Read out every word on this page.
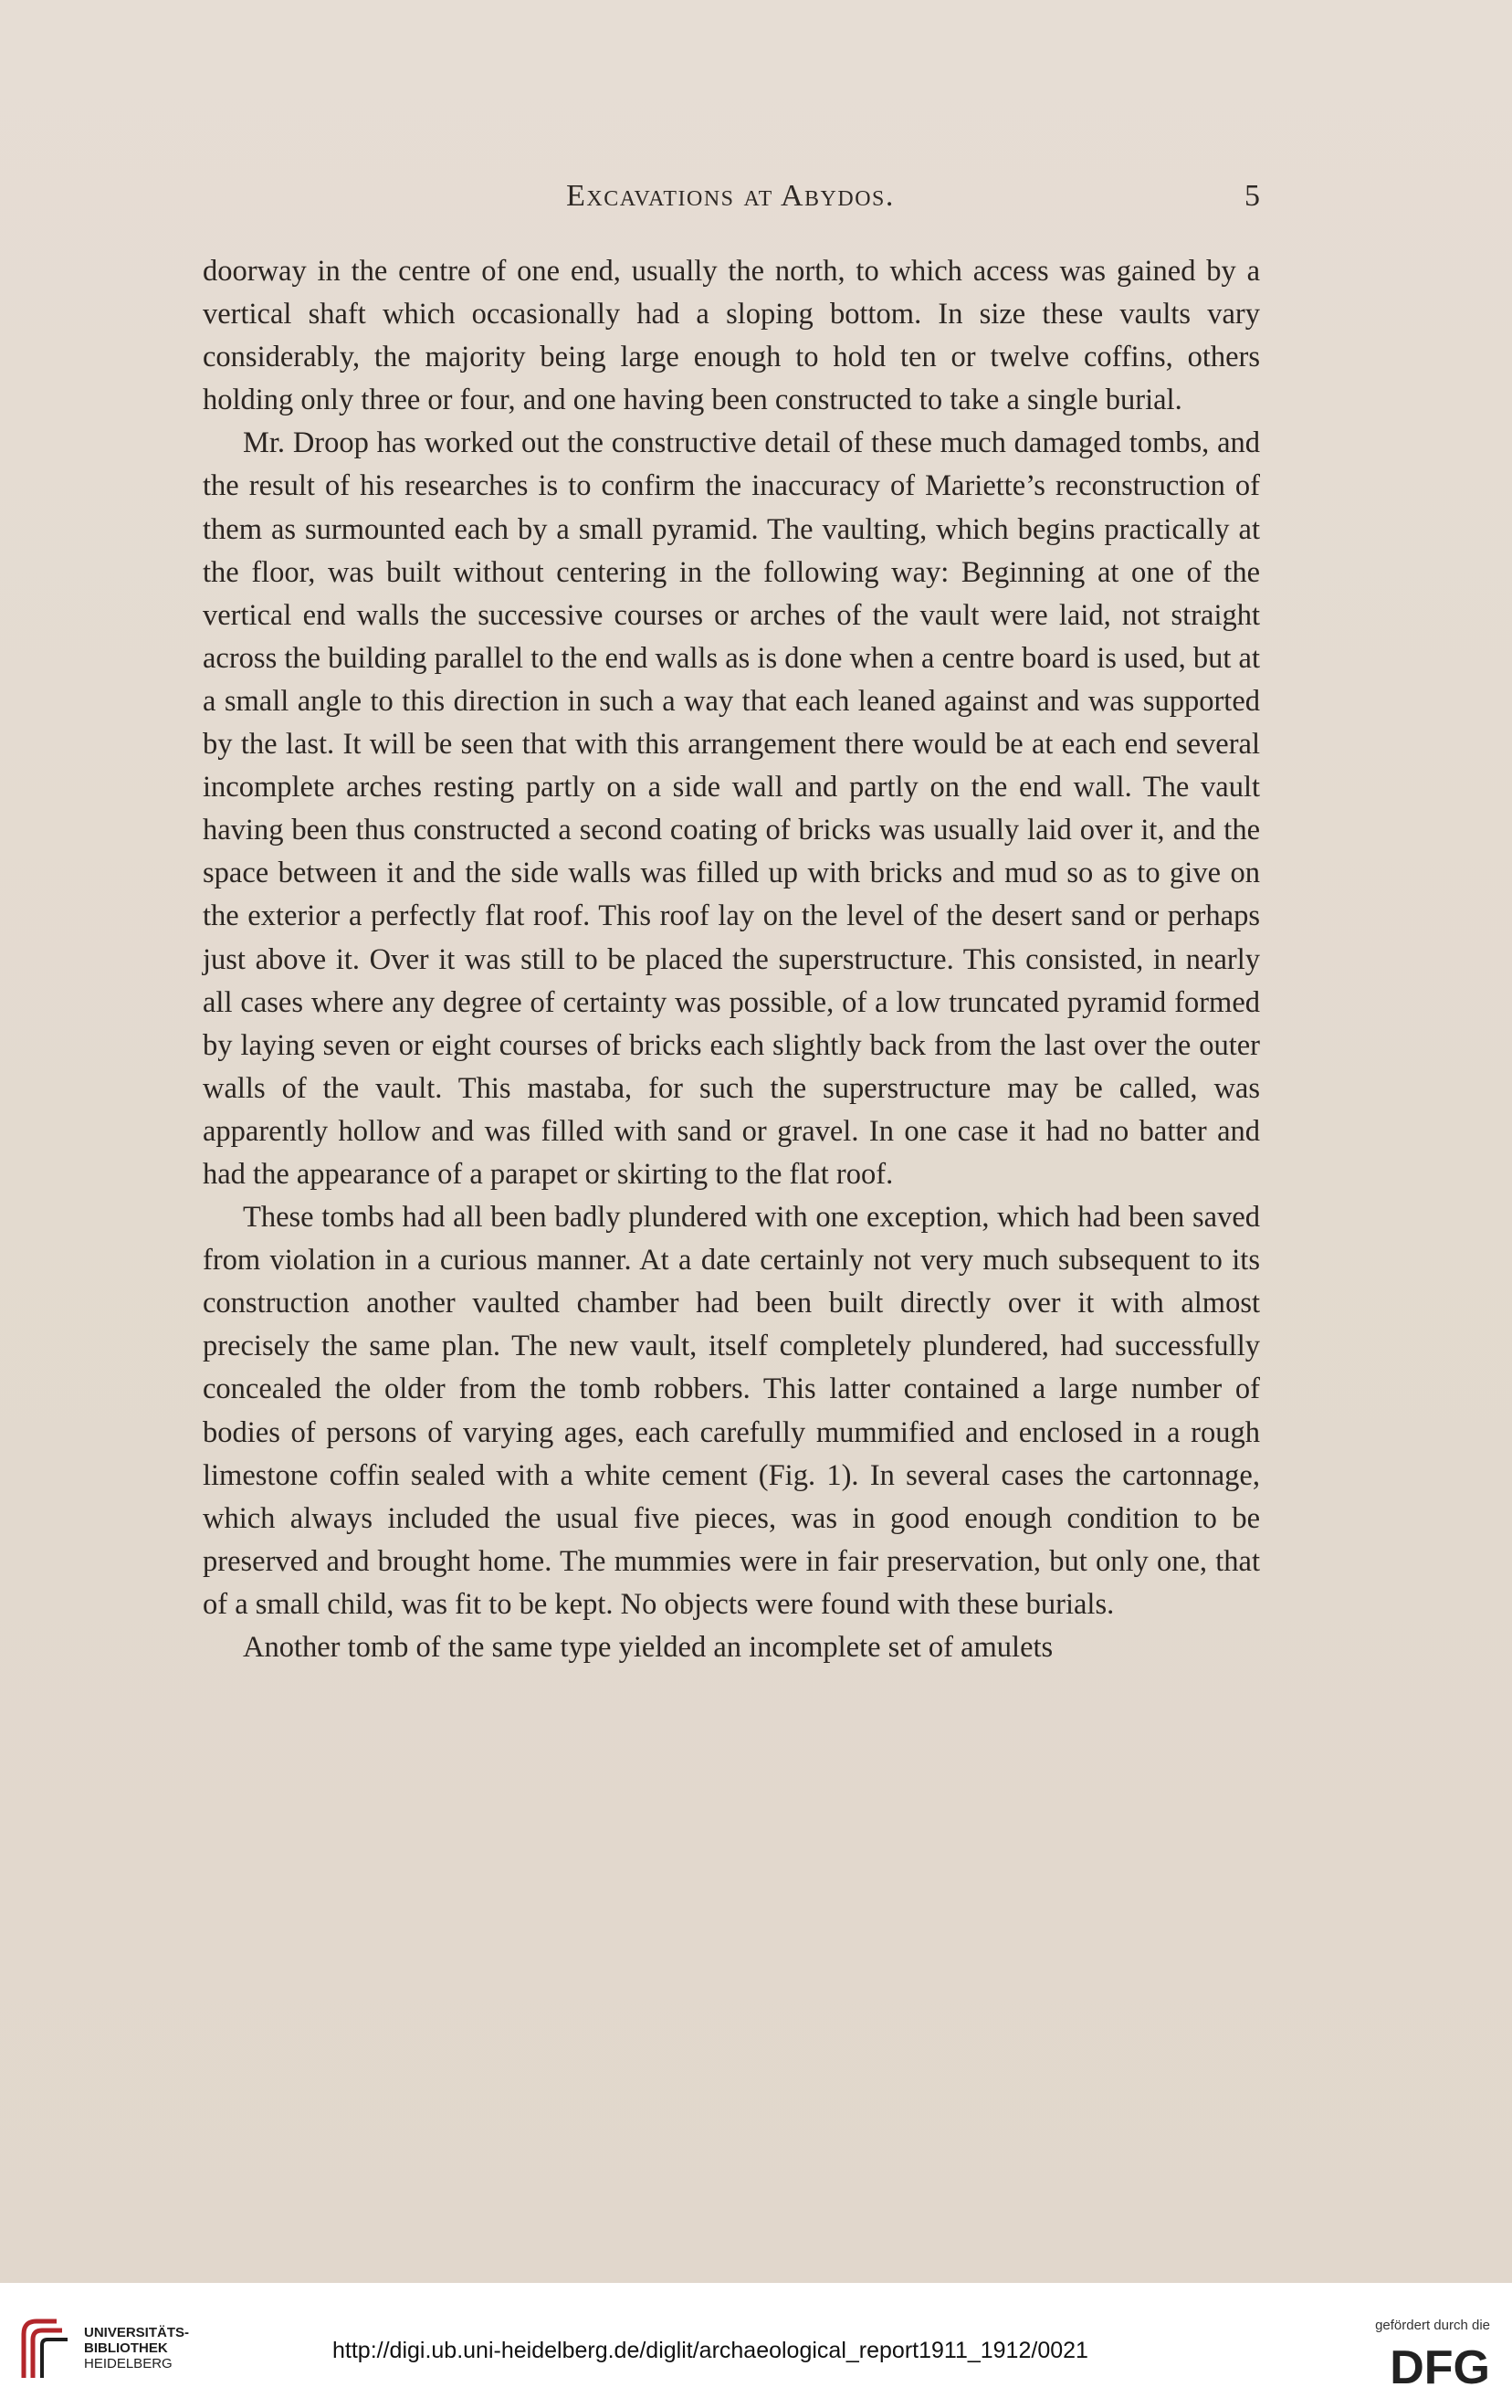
Excavations at Abydos.	5

doorway in the centre of one end, usually the north, to which access was gained by a vertical shaft which occasionally had a sloping bottom. In size these vaults vary considerably, the majority being large enough to hold ten or twelve coffins, others holding only three or four, and one having been constructed to take a single burial.

Mr. Droop has worked out the constructive detail of these much damaged tombs, and the result of his researches is to confirm the inaccuracy of Mariette’s reconstruction of them as surmounted each by a small pyramid. The vaulting, which begins practically at the floor, was built without centering in the following way: Beginning at one of the vertical end walls the successive courses or arches of the vault were laid, not straight across the building parallel to the end walls as is done when a centre board is used, but at a small angle to this direction in such a way that each leaned against and was supported by the last. It will be seen that with this arrangement there would be at each end several incomplete arches resting partly on a side wall and partly on the end wall. The vault having been thus constructed a second coating of bricks was usually laid over it, and the space between it and the side walls was filled up with bricks and mud so as to give on the exterior a perfectly flat roof. This roof lay on the level of the desert sand or perhaps just above it. Over it was still to be placed the superstructure. This consisted, in nearly all cases where any degree of certainty was possible, of a low truncated pyramid formed by laying seven or eight courses of bricks each slightly back from the last over the outer walls of the vault. This mastaba, for such the superstructure may be called, was apparently hollow and was filled with sand or gravel. In one case it had no batter and had the appearance of a parapet or skirting to the flat roof.

These tombs had all been badly plundered with one exception, which had been saved from violation in a curious manner. At a date certainly not very much subsequent to its construction another vaulted chamber had been built directly over it with almost precisely the same plan. The new vault, itself completely plundered, had successfully concealed the older from the tomb robbers. This latter contained a large number of bodies of persons of varying ages, each carefully mummified and enclosed in a rough limestone coffin sealed with a white cement (Fig. 1). In several cases the cartonnage, which always included the usual five pieces, was in good enough condition to be preserved and brought home. The mummies were in fair preservation, but only one, that of a small child, was fit to be kept. No objects were found with these burials.

Another tomb of the same type yielded an incomplete set of amulets

UNIVERSITÄTS-
BIBLIOTHEK
HEIDELBERG
http://digi.ub.uni-heidelberg.de/diglit/archaeological_report1911_1912/0021
gefördert durch die
DFG
